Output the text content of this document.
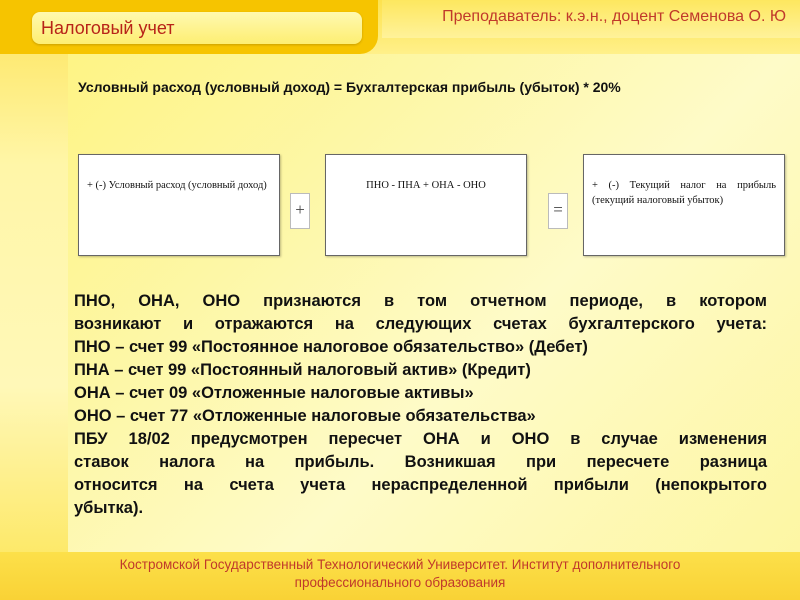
Налоговый учет
Преподаватель: к.э.н., доцент Семенова О. Ю
Условный расход (условный доход) = Бухгалтерская прибыль (убыток) * 20%
+ (-) Условный расход (условный доход)
+
ПНО - ПНА + ОНА - ОНО
=
+ (-) Текущий налог на прибыль (текущий налоговый убыток)

ПНО, ОНА, ОНО признаются в том отчетном периоде, в котором

возникают и отражаются на следующих счетах бухгалтерского учета:

ПНО – счет 99 «Постоянное налоговое обязательство» (Дебет)

ПНА – счет 99 «Постоянный налоговый актив» (Кредит)

ОНА – счет 09 «Отложенные налоговые активы»

ОНО – счет 77 «Отложенные налоговые обязательства»

ПБУ 18/02 предусмотрен пересчет ОНА и ОНО в случае изменения

ставок налога на прибыль. Возникшая при пересчете разница

относится на счета учета нераспределенной прибыли (непокрытого

убытка).

Костромской Государственный Технологический Университет. Институт дополнительного
профессионального образования
